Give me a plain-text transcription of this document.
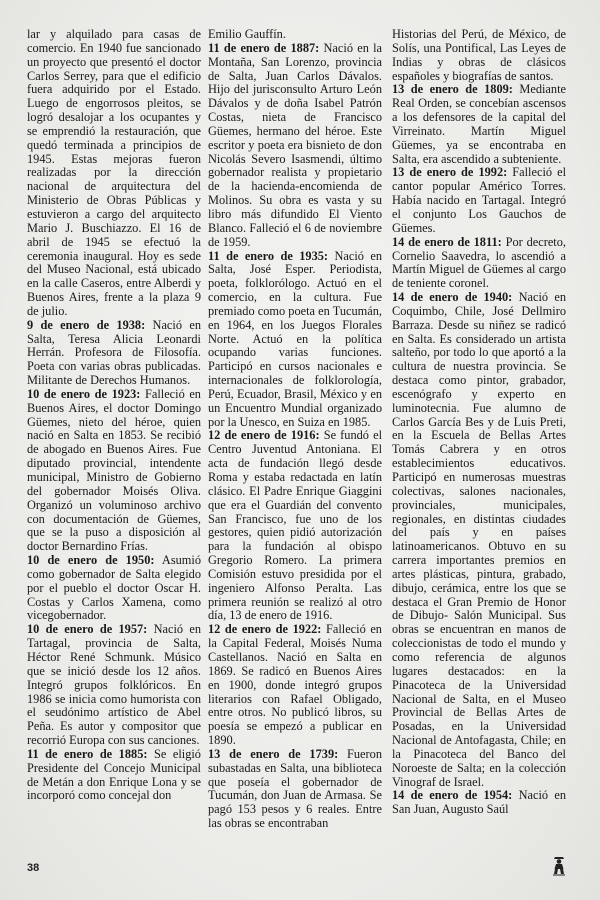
lar y alquilado para casas de comercio. En 1940 fue sancionado un proyecto que presentó el doctor Carlos Serrey, para que el edificio fuera adquirido por el Estado. Luego de engorrosos pleitos, se logró desalojar a los ocupantes y se emprendió la restauración, que quedó terminada a principios de 1945. Estas mejoras fueron realizadas por la dirección nacional de arquitectura del Ministerio de Obras Públicas y estuvieron a cargo del arquitecto Mario J. Buschiazzo. El 16 de abril de 1945 se efectuó la ceremonia inaugural. Hoy es sede del Museo Nacional, está ubicado en la calle Caseros, entre Alberdi y Buenos Aires, frente a la plaza 9 de julio.

9 de enero de 1938: Nació en Salta, Teresa Alicia Leonardi Herrán. Profesora de Filosofía. Poeta con varias obras publicadas. Militante de Derechos Humanos.

10 de enero de 1923: Falleció en Buenos Aires, el doctor Domingo Güemes, nieto del héroe, quien nació en Salta en 1853. Se recibió de abogado en Buenos Aires. Fue diputado provincial, intendente municipal, Ministro de Gobierno del gobernador Moisés Oliva. Organizó un voluminoso archivo con documentación de Güemes, que se la puso a disposición al doctor Bernardino Frías.

10 de enero de 1950: Asumió como gobernador de Salta elegido por el pueblo el doctor Oscar H. Costas y Carlos Xamena, como vicegobernador.

10 de enero de 1957: Nació en Tartagal, provincia de Salta, Héctor René Schmunk. Músico que se inició desde los 12 años. Integró grupos folklóricos. En 1986 se inicia como humorista con el seudónimo artístico de Abel Peña. Es autor y compositor que recorrió Europa con sus canciones.

11 de enero de 1885: Se eligió Presidente del Concejo Municipal de Metán a don Enrique Lona y se incorporó como concejal don

Emilio Gauffín.

11 de enero de 1887: Nació en la Montaña, San Lorenzo, provincia de Salta, Juan Carlos Dávalos. Hijo del jurisconsulto Arturo León Dávalos y de doña Isabel Patrón Costas, nieta de Francisco Güemes, hermano del héroe. Este escritor y poeta era bisnieto de don Nicolás Severo Isasmendi, último gobernador realista y propietario de la hacienda-encomienda de Molinos. Su obra es vasta y su libro más difundido El Viento Blanco. Falleció el 6 de noviembre de 1959.

11 de enero de 1935: Nació en Salta, José Esper. Periodista, poeta, folklorólogo. Actuó en el comercio, en la cultura. Fue premiado como poeta en Tucumán, en 1964, en los Juegos Florales Norte. Actuó en la política ocupando varias funciones. Participó en cursos nacionales e internacionales de folklorología, Perú, Ecuador, Brasil, México y en un Encuentro Mundial organizado por la Unesco, en Suiza en 1985.

12 de enero de 1916: Se fundó el Centro Juventud Antoniana. El acta de fundación llegó desde Roma y estaba redactada en latín clásico. El Padre Enrique Giaggini que era el Guardián del convento San Francisco, fue uno de los gestores, quien pidió autorización para la fundación al obispo Gregorio Romero. La primera Comisión estuvo presidida por el ingeniero Alfonso Peralta. Las primera reunión se realizó al otro día, 13 de enero de 1916.

12 de enero de 1922: Falleció en la Capital Federal, Moisés Numa Castellanos. Nació en Salta en 1869. Se radicó en Buenos Aires en 1900, donde integró grupos literarios con Rafael Obligado, entre otros. No publicó libros, su poesía se empezó a publicar en 1890.

13 de enero de 1739: Fueron subastadas en Salta, una biblioteca que poseía el gobernador de Tucumán, don Juan de Armasa. Se pagó 153 pesos y 6 reales. Entre las obras se encontraban

Historias del Perú, de México, de Solís, una Pontifical, Las Leyes de Indias y obras de clásicos españoles y biografías de santos.

13 de enero de 1809: Mediante Real Orden, se concebían ascensos a los defensores de la capital del Virreinato. Martín Miguel Güemes, ya se encontraba en Salta, era ascendido a subteniente.

13 de enero de 1992: Falleció el cantor popular Américo Torres. Había nacido en Tartagal. Integró el conjunto Los Gauchos de Güemes.

14 de enero de 1811: Por decreto, Cornelio Saavedra, lo ascendió a Martín Miguel de Güemes al cargo de teniente coronel.

14 de enero de 1940: Nació en Coquimbo, Chile, José Dellmiro Barraza. Desde su niñez se radicó en Salta. Es considerado un artista salteño, por todo lo que aportó a la cultura de nuestra provincia. Se destaca como pintor, grabador, escenógrafo y experto en luminotecnia. Fue alumno de Carlos García Bes y de Luis Preti, en la Escuela de Bellas Artes Tomás Cabrera y en otros establecimientos educativos. Participó en numerosas muestras colectivas, salones nacionales, provinciales, municipales, regionales, en distintas ciudades del país y en países latinoamericanos. Obtuvo en su carrera importantes premios en artes plásticas, pintura, grabado, dibujo, cerámica, entre los que se destaca el Gran Premio de Honor de Dibujo- Salón Municipal. Sus obras se encuentran en manos de coleccionistas de todo el mundo y como referencia de algunos lugares destacados: en la Pinacoteca de la Universidad Nacional de Salta, en el Museo Provincial de Bellas Artes de Posadas, en la Universidad Nacional de Antofagasta, Chile; en la Pinacoteca del Banco del Noroeste de Salta; en la colección Vinograf de Israel.

14 de enero de 1954: Nació en San Juan, Augusto Saúl

38
